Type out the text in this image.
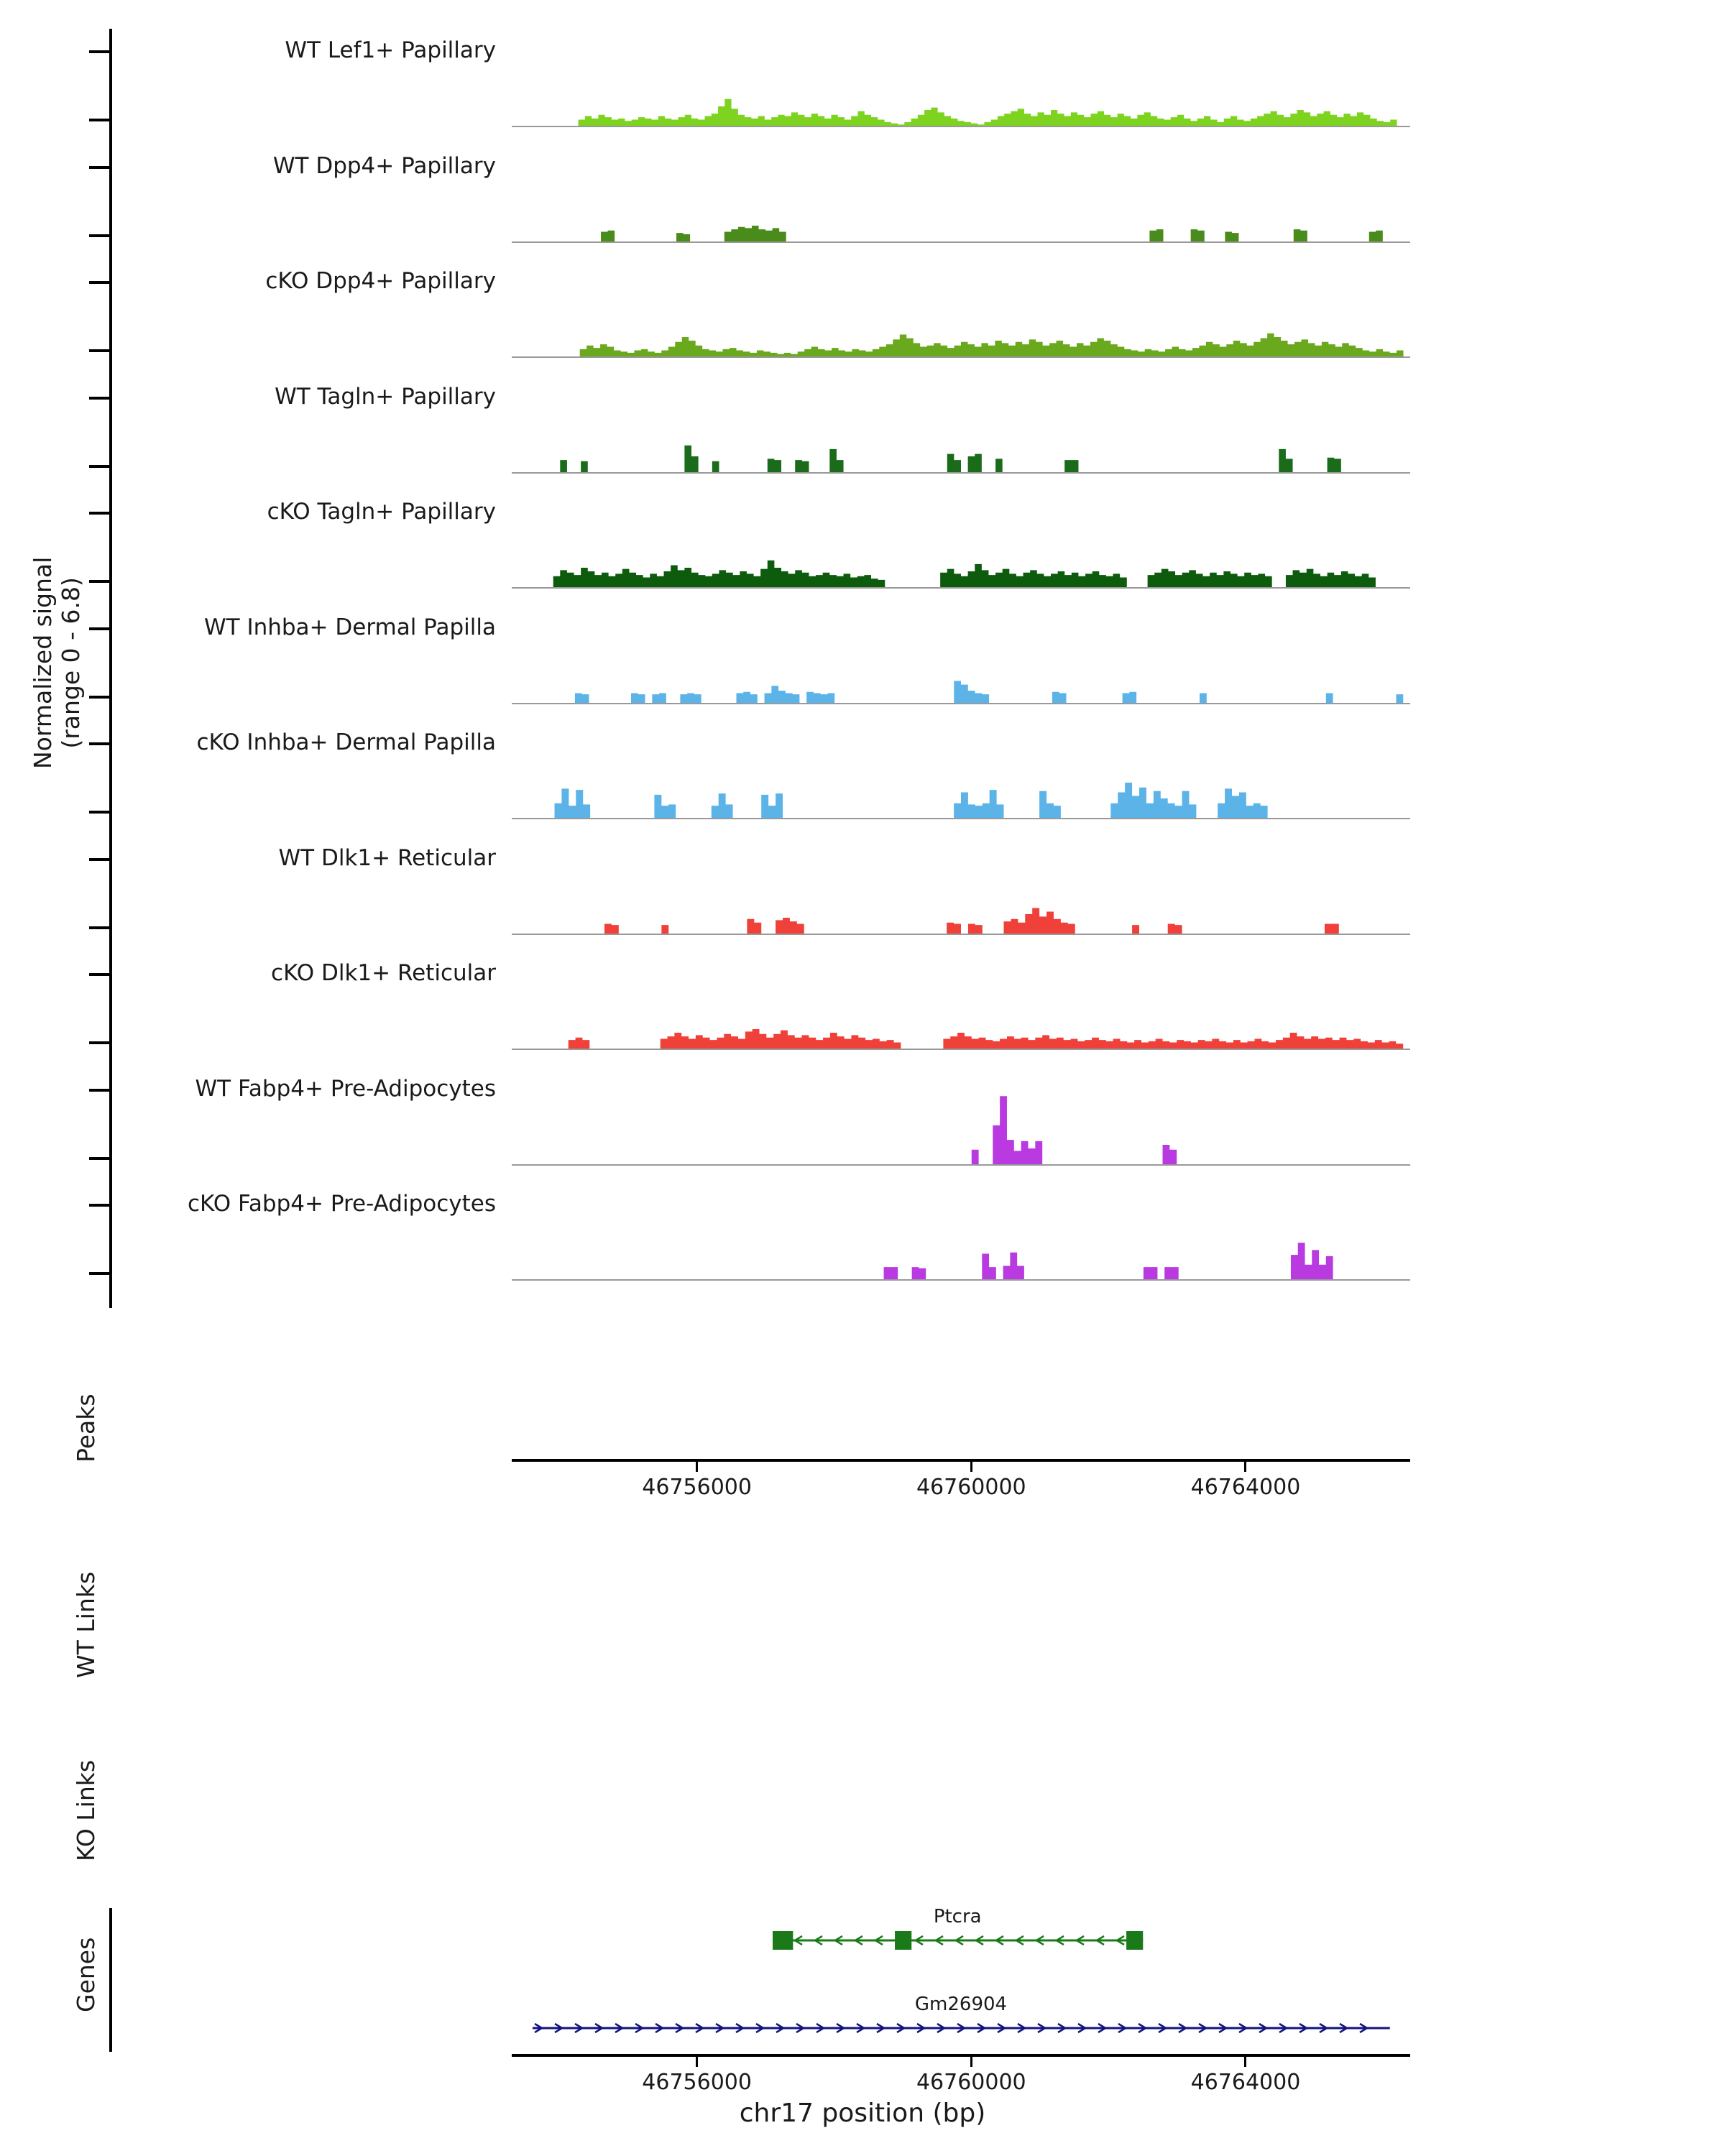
Normalized signal
(range 0 - 6.8)
Peaks
WT Links
KO Links
Genes
WT Lef1+ Papillary
WT Dpp4+ Papillary
cKO Dpp4+ Papillary
WT Tagln+ Papillary
cKO Tagln+ Papillary
WT Inhba+ Dermal Papilla
cKO Inhba+ Dermal Papilla
WT Dlk1+ Reticular
cKO Dlk1+ Reticular
WT Fabp4+ Pre-Adipocytes
cKO Fabp4+ Pre-Adipocytes
46756000	46760000	46764000
46756000	46760000	46764000
Ptcra
Gm26904
chr17 position (bp)
